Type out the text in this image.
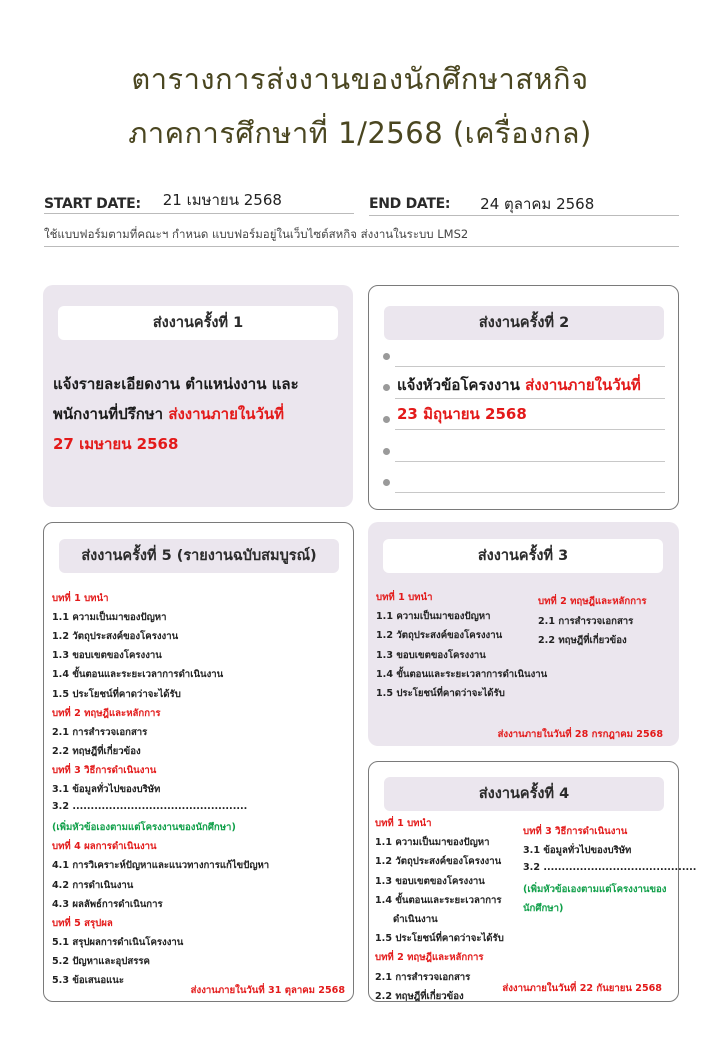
ตารางการส่งงานของนักศึกษาสหกิจ
ภาคการศึกษาที่ 1/2568 (เครื่องกล)
START DATE: 21 เมษายน 2568	END DATE: 24 ตุลาคม 2568
ใช้แบบฟอร์มตามที่คณะฯ กำหนด แบบฟอร์มอยู่ในเว็บไซต์สหกิจ ส่งงานในระบบ LMS2
ส่งงานครั้งที่ 1
แจ้งรายละเอียดงาน ตำแหน่งงาน และ
พนักงานที่ปรึกษา ส่งงานภายในวันที่
27 เมษายน 2568
ส่งงานครั้งที่ 2
แจ้งหัวข้อโครงงาน ส่งงานภายในวันที่
23 มิถุนายน 2568
ส่งงานครั้งที่ 5 (รายงานฉบับสมบูรณ์)
บทที่ 1 บทนำ
1.1 ความเป็นมาของปัญหา
1.2 วัตถุประสงค์ของโครงงาน
1.3 ขอบเขตของโครงงาน
1.4 ขั้นตอนและระยะเวลาการดำเนินงาน
1.5 ประโยชน์ที่คาดว่าจะได้รับ
บทที่ 2 ทฤษฎีและหลักการ
2.1 การสำรวจเอกสาร
2.2 ทฤษฎีที่เกี่ยวข้อง
บทที่ 3 วิธีการดำเนินงาน
3.1 ข้อมูลทั่วไปของบริษัท
3.2 ................................................
(เพิ่มหัวข้อเองตามแต่โครงงานของนักศึกษา)
บทที่ 4 ผลการดำเนินงาน
4.1 การวิเคราะห์ปัญหาและแนวทางการแก้ไขปัญหา
4.2 การดำเนินงาน
4.3 ผลลัพธ์การดำเนินการ
บทที่ 5 สรุปผล
5.1 สรุปผลการดำเนินโครงงาน
5.2 ปัญหาและอุปสรรค
5.3 ข้อเสนอแนะ
ส่งงานภายในวันที่ 31 ตุลาคม 2568
ส่งงานครั้งที่ 3
บทที่ 1 บทนำ
1.1 ความเป็นมาของปัญหา
1.2 วัตถุประสงค์ของโครงงาน
1.3 ขอบเขตของโครงงาน
1.4 ขั้นตอนและระยะเวลาการดำเนินงาน
1.5 ประโยชน์ที่คาดว่าจะได้รับ
บทที่ 2 ทฤษฎีและหลักการ
2.1 การสำรวจเอกสาร
2.2 ทฤษฎีที่เกี่ยวข้อง
ส่งงานภายในวันที่ 28 กรกฎาคม 2568
ส่งงานครั้งที่ 4
บทที่ 1 บทนำ
1.1 ความเป็นมาของปัญหา
1.2 วัตถุประสงค์ของโครงงาน
1.3 ขอบเขตของโครงงาน
1.4 ขั้นตอนและระยะเวลาการ
ดำเนินงาน
1.5 ประโยชน์ที่คาดว่าจะได้รับ
บทที่ 2 ทฤษฎีและหลักการ
2.1 การสำรวจเอกสาร
2.2 ทฤษฎีที่เกี่ยวข้อง
บทที่ 3 วิธีการดำเนินงาน
3.1 ข้อมูลทั่วไปของบริษัท
3.2 ..........................................
(เพิ่มหัวข้อเองตามแต่โครงงานของ
นักศึกษา)
ส่งงานภายในวันที่ 22 กันยายน 2568
